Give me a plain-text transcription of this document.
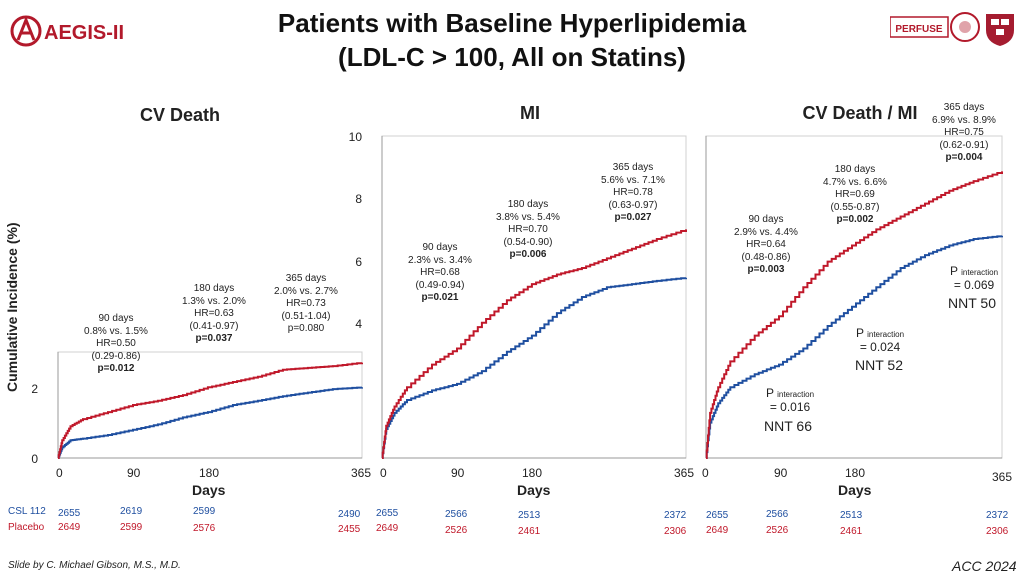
AEGIS-II	Patients with Baseline Hyperlipidemia
(LDL-C > 100, All on Statins)
PERFUSE
Cumulative Incidence (%)
CV Death	MI	CV Death / MI
0
2
10
8
6
4
0	90	180	365 0	90	180	365 0	90	180	365
Days	Days	Days
90 days
0.8% vs. 1.5%
HR=0.50
(0.29-0.86)
p=0.012
180 days
1.3% vs. 2.0%
HR=0.63
(0.41-0.97)
p=0.037
365 days
2.0% vs. 2.7%
HR=0.73
(0.51-1.04)
p=0.080
90 days
2.3% vs. 3.4%
HR=0.68
(0.49-0.94)
p=0.021
180 days
3.8% vs. 5.4%
HR=0.70
(0.54-0.90)
p=0.006
365 days
5.6% vs. 7.1%
HR=0.78
(0.63-0.97)
p=0.027	90 days
2.9% vs. 4.4%
HR=0.64
(0.48-0.86)
p=0.003
180 days
4.7% vs. 6.6%
HR=0.69
(0.55-0.87)
p=0.002
365 days
6.9% vs. 8.9%
HR=0.75
(0.62-0.91)
p=0.004
P interaction
= 0.016
NNT 66
P interaction
= 0.024
NNT 52
P interaction
= 0.069
NNT 50
CSL 112
Placebo
2655	2619	2599	2490
2649	2599	2576	2455
2655	2566	2513	2372
2649	2526	2461	2306
2655	2566	2513	2372
2649	2526	2461	2306
Slide by C. Michael Gibson, M.S., M.D.	ACC 2024
